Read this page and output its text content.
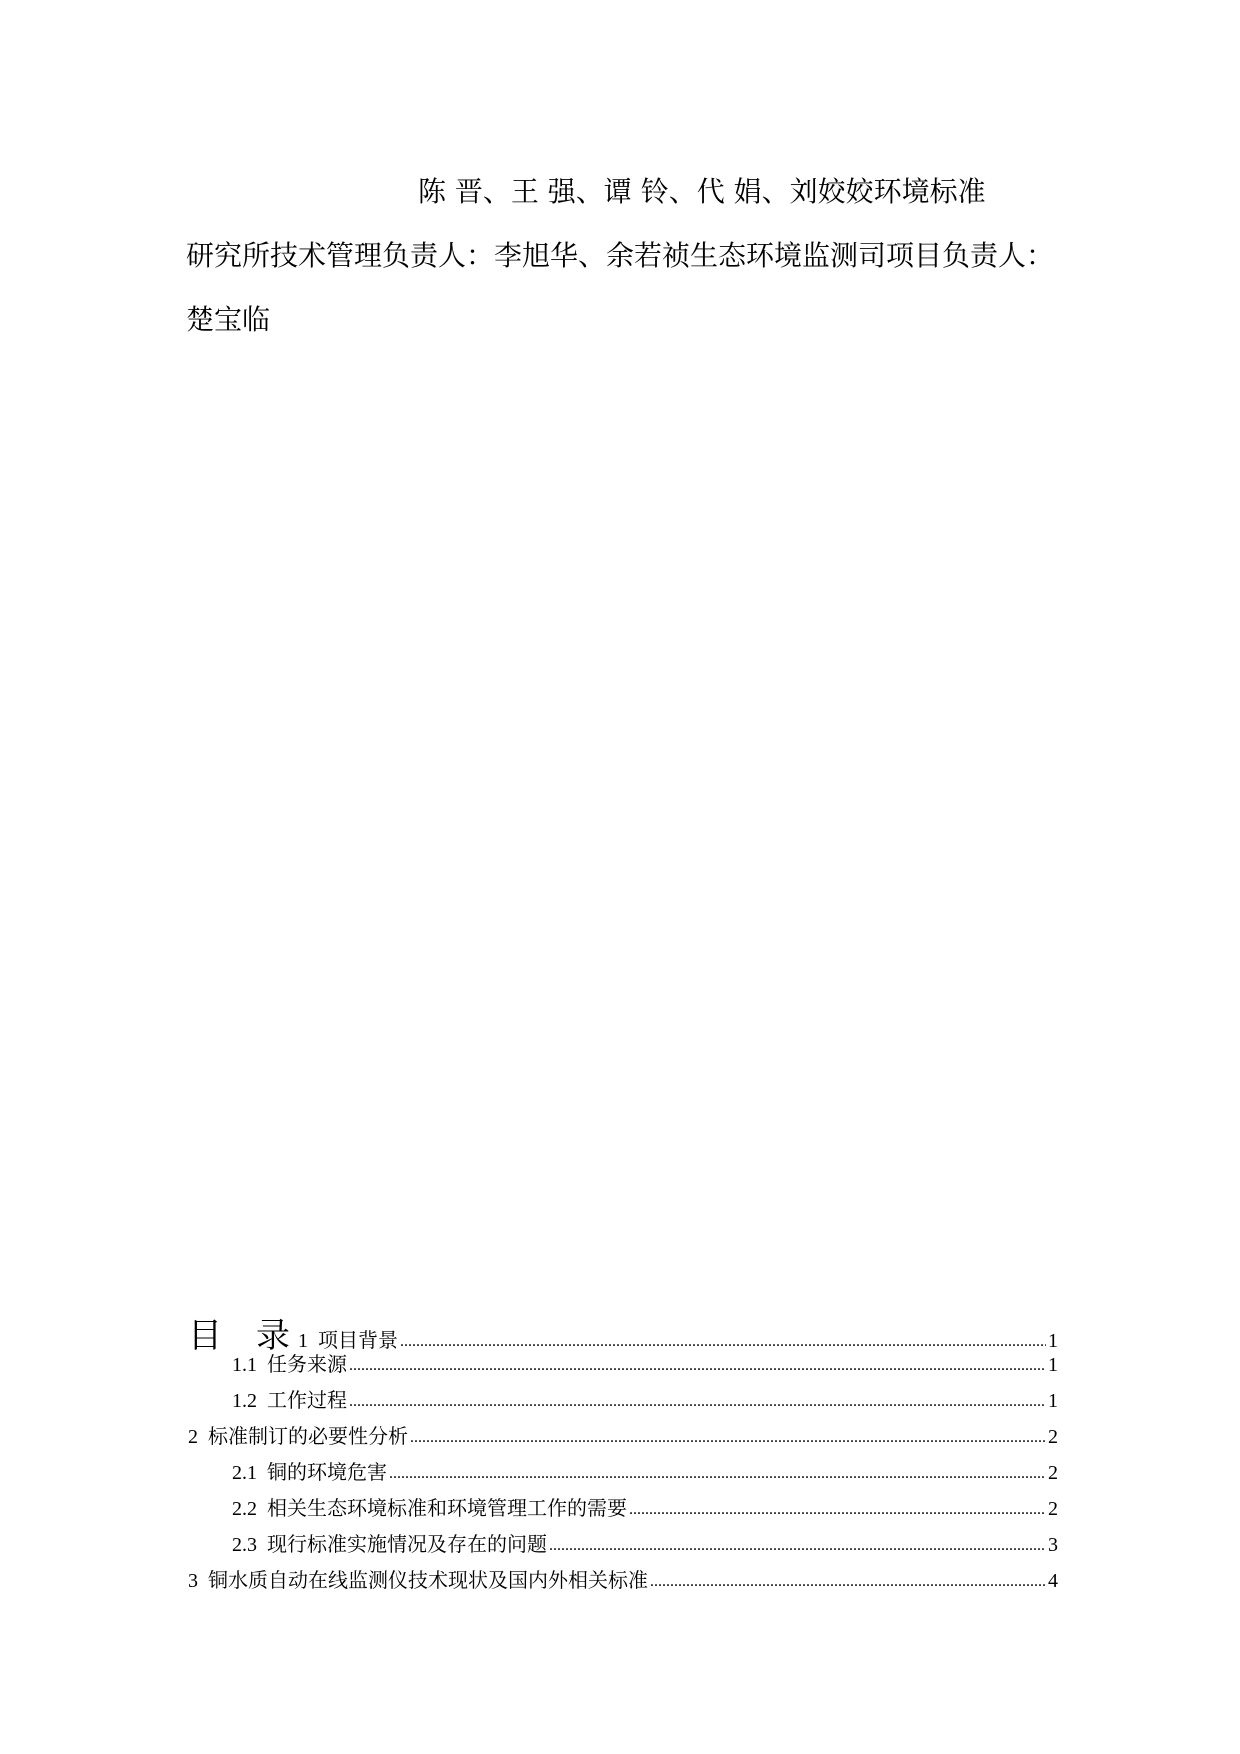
陈 晋、王 强、谭 铃、代 娟、刘姣姣环境标准
研究所技术管理负责人：李旭华、余若祯生态环境监测司项目负责人：
楚宝临
目录 1 项目背景 .....	1
1.1 任务来源 .....	1
1.2 工作过程 .....	1
2 标准制订的必要性分析 .....	2
2.1 铜的环境危害 .....	2
2.2 相关生态环境标准和环境管理工作的需要 .....	2
2.3 现行标准实施情况及存在的问题 .....	3
3 铜水质自动在线监测仪技术现状及国内外相关标准 .....	4
